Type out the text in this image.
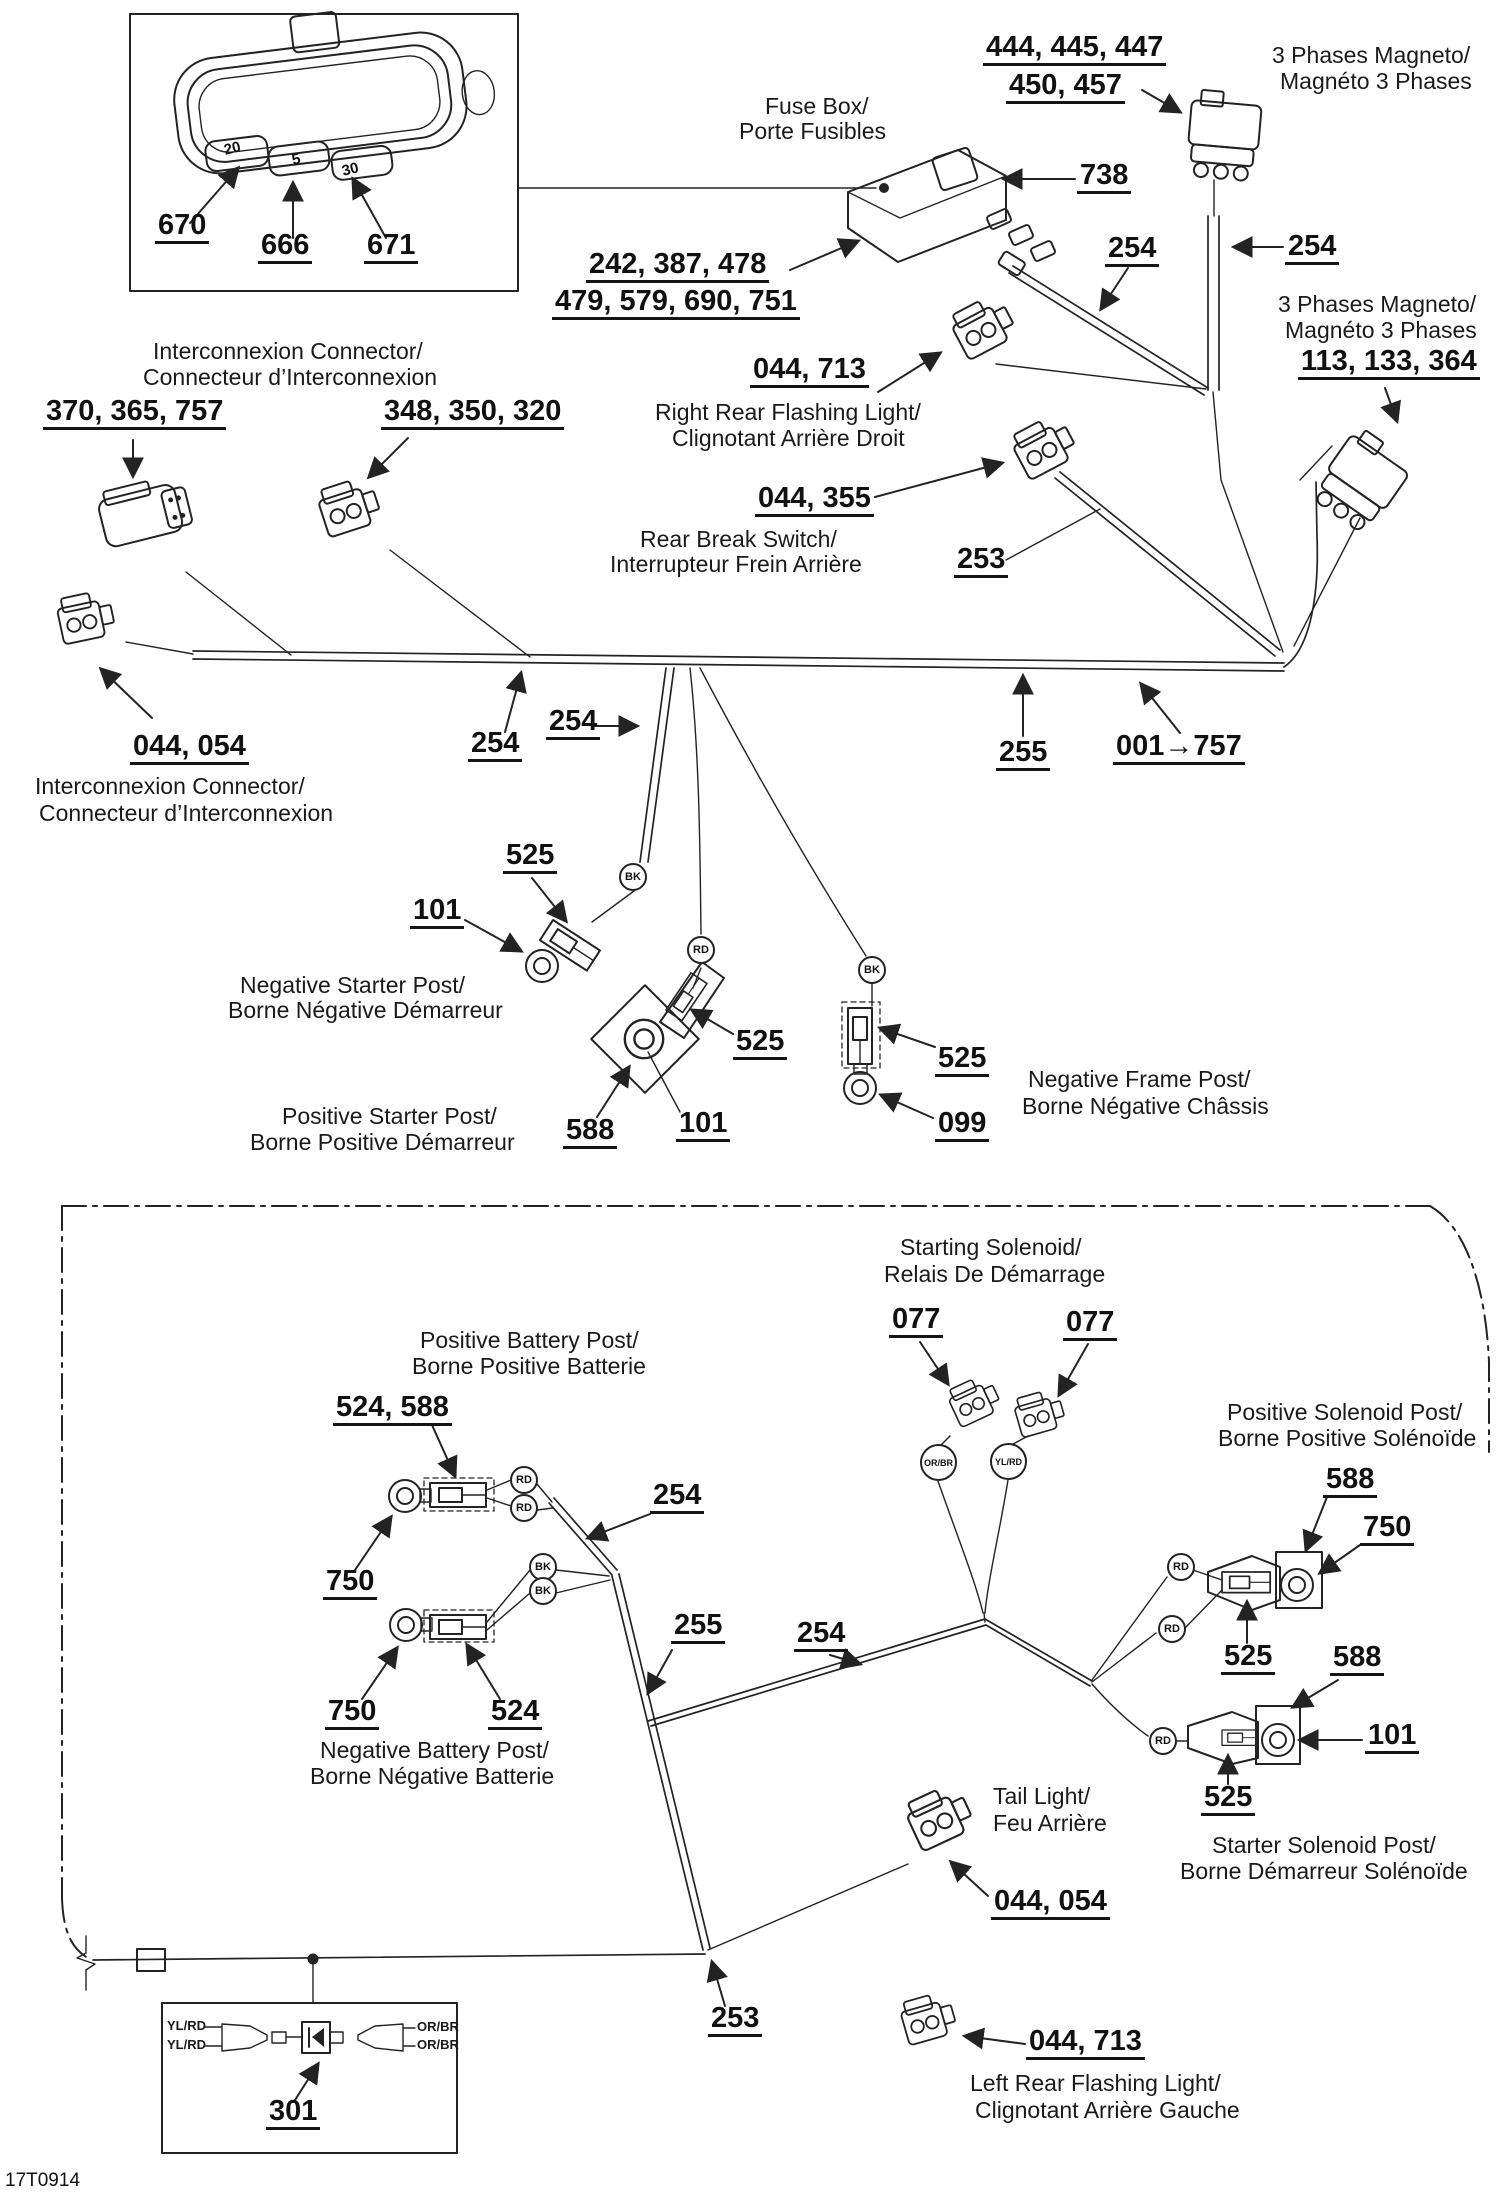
20
5	30
670
666 671
Fuse Box/
Porte Fusibles
738
242, 387, 478
479, 579, 690, 751
444, 445, 447
450, 457
3 Phases Magneto/
Magnéto 3 Phases
254	254
3 Phases Magneto/
Magnéto 3 Phases
113, 133, 364
044, 713
Right Rear Flashing Light/
Clignotant Arrière Droit
044, 355
Rear Break Switch/
Interrupteur Frein Arrière	253
Interconnexion Connector/
Connecteur d’Interconnexion
370, 365, 757	348, 350, 320
254
254
255 001→757
044, 054
Interconnexion Connector/
Connecteur d’Interconnexion
525
101
Negative Starter Post/
Borne Négative Démarreur
BK
RD
525
588 101
Positive Starter Post/
Borne Positive Démarreur
BK
525
099
Negative Frame Post/
Borne Négative Châssis
Starting Solenoid/
Relais De Démarrage
077	077
OR/BR	YL/RD
Positive Battery Post/
Borne Positive Batterie
524, 588
RD
RD	254
750	BK
BK
750	524
Negative Battery Post/
Borne Négative Batterie
255	254
Positive Solenoid Post/
Borne Positive Solénoïde
588
750
525 588
RD
RD
RD	101
525
Starter Solenoid Post/
Borne Démarreur Solénoïde
Tail Light/
Feu Arrière
044, 054
253
044, 713
Left Rear Flashing Light/
Clignotant Arrière Gauche
YL/RD
YL/RD
OR/BR
OR/BR
301
17T0914
